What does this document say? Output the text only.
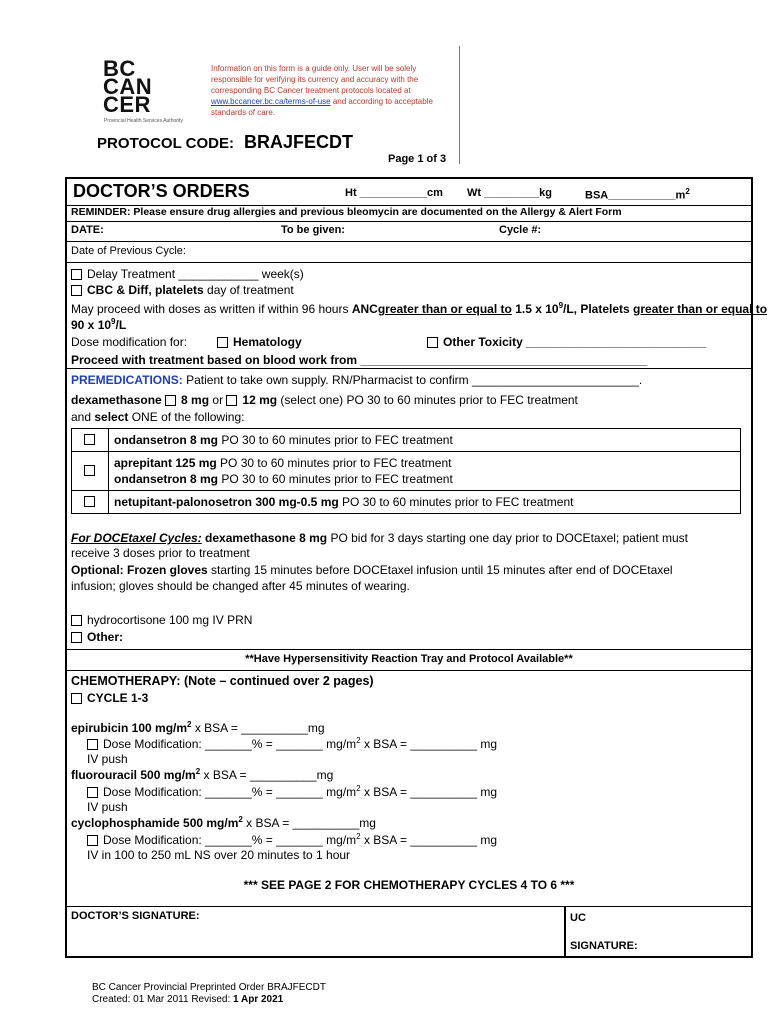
BC
CAN
CER
Provincial Health Services Authority
Information on this form is a guide only. User will be solely responsible for verifying its currency and accuracy with the corresponding BC Cancer treatment protocols located at www.bccancer.bc.ca/terms-of-use and according to acceptable standards of care.
PROTOCOL CODE: BRAJFECDT
Page 1 of 3
DOCTOR’S ORDERS	Ht ___________cm Wt _________kg	$BSA\_\_\_\_\_\_\_\_\_\_\_m^2$
REMINDER: Please ensure drug allergies and previous bleomycin are documented on the Allergy & Alert Form
DATE:	To be given:	Cycle #:
Date of Previous Cycle:
Delay Treatment ____________ week(s)
CBC & Diff, platelets day of treatment
May proceed with doses as written if within 96 hours ANCgreater than or equal to 1.5 x $10^9/L$, Platelets greater than or equal to
90 x $10^9/L$
Dose modification for:	Hematology	Other Toxicity ___________________________
Proceed with treatment based on blood work from ___________________________________________
PREMEDICATIONS: Patient to take own supply. RN/Pharmacist to confirm _________________________.
dexamethasone 8 mg or 12 mg (select one) PO 30 to 60 minutes prior to FEC treatment
and select ONE of the following:
ondansetron 8 mg PO 30 to 60 minutes prior to FEC treatment
aprepitant 125 mg PO 30 to 60 minutes prior to FEC treatment
ondansetron 8 mg PO 30 to 60 minutes prior to FEC treatment
netupitant-palonosetron 300 mg-0.5 mg PO 30 to 60 minutes prior to FEC treatment
For DOCEtaxel Cycles: dexamethasone 8 mg PO bid for 3 days starting one day prior to DOCEtaxel; patient must
receive 3 doses prior to treatment
Optional: Frozen gloves starting 15 minutes before DOCEtaxel infusion until 15 minutes after end of DOCEtaxel
infusion; gloves should be changed after 45 minutes of wearing.
hydrocortisone 100 mg IV PRN
Other:
**Have Hypersensitivity Reaction Tray and Protocol Available**
CHEMOTHERAPY: (Note – continued over 2 pages)
CYCLE 1-3
epirubicin 100 $mg/m^2$ x BSA = __________mg
Dose Modification: _______% = _______ $mg/m^2$ x BSA = __________ mg
IV push
fluorouracil 500 $mg/m^2$ x BSA = __________mg
Dose Modification: _______% = _______ $mg/m^2$ x BSA = __________ mg
IV push
cyclophosphamide 500 $mg/m^2$ x BSA = __________mg
Dose Modification: _______% = _______ $mg/m^2$ x BSA = __________ mg
IV in 100 to 250 mL NS over 20 minutes to 1 hour
*** SEE PAGE 2 FOR CHEMOTHERAPY CYCLES 4 TO 6 ***
DOCTOR’S SIGNATURE:	UC
SIGNATURE:
BC Cancer Provincial Preprinted Order BRAJFECDT
Created: 01 Mar 2011 Revised: 1 Apr 2021
